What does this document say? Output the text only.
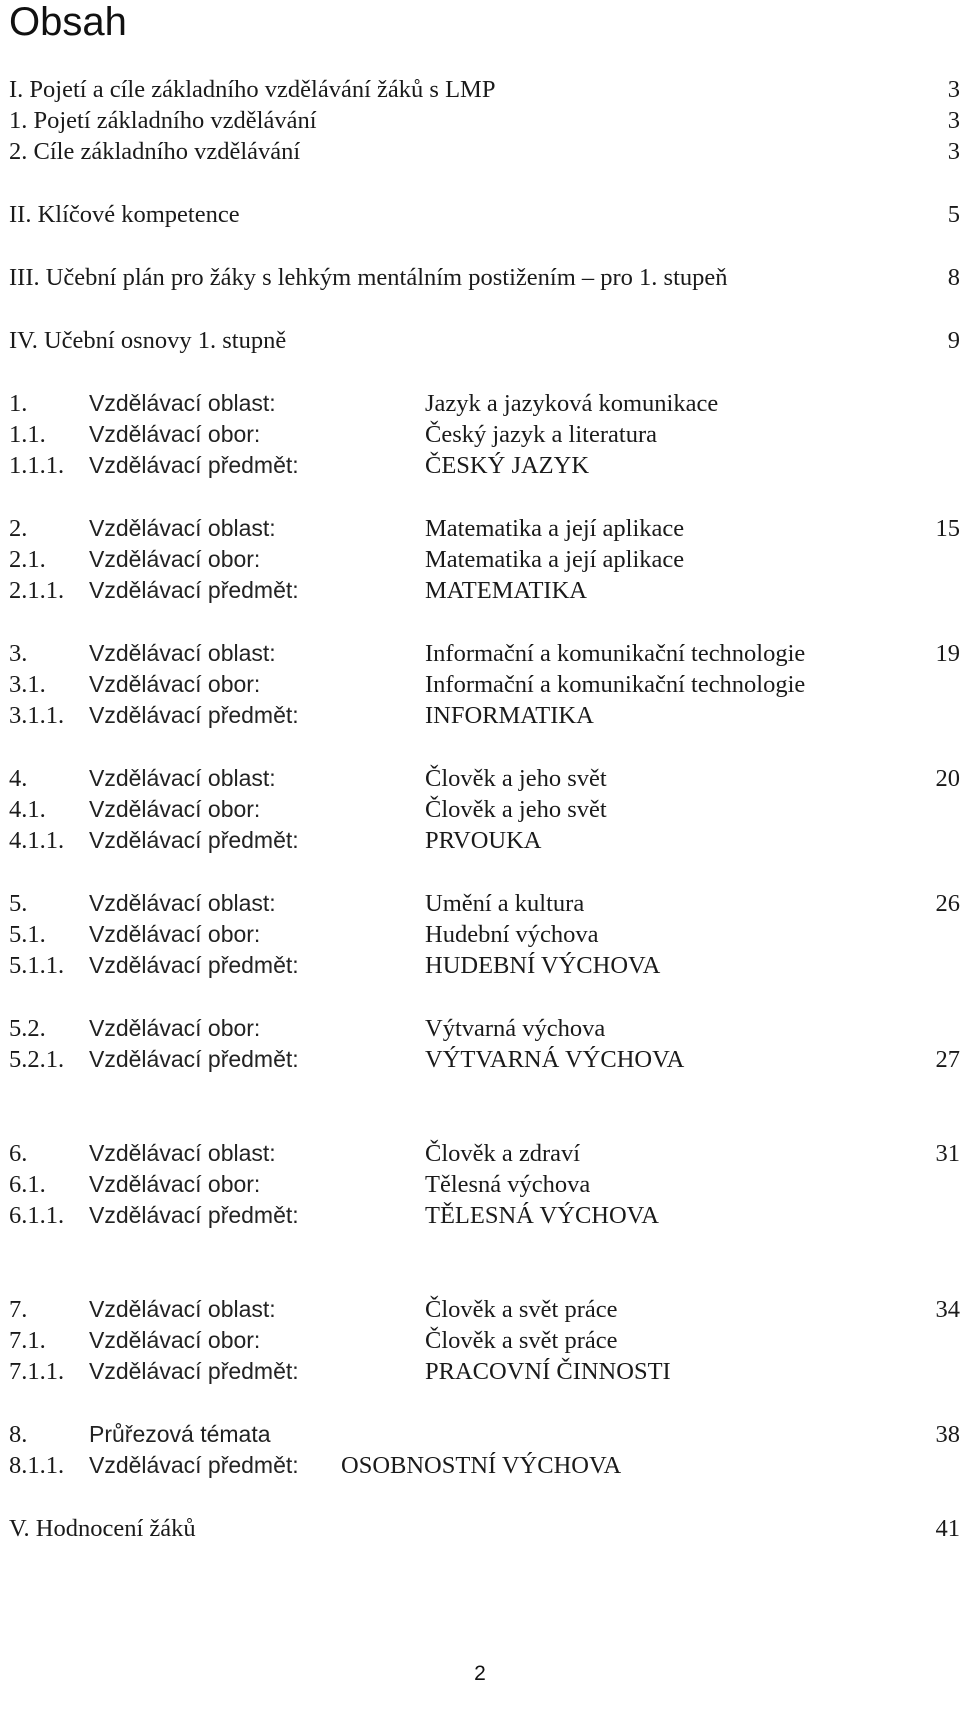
Obsah
I. Pojetí a cíle základního vzdělávání žáků s LMP	3
1. Pojetí základního vzdělávání	3
2. Cíle základního vzdělávání	3
II. Klíčové kompetence	5
III. Učební plán pro žáky s lehkým mentálním postižením – pro 1. stupeň	8
IV. Učební osnovy 1. stupně	9
1.	Vzdělávací oblast:	Jazyk a jazyková komunikace
1.1. Vzdělávací obor:	Český jazyk a literatura
1.1.1. Vzdělávací předmět:	ČESKÝ JAZYK
2.	Vzdělávací oblast:	Matematika a její aplikace	15
2.1. Vzdělávací obor:	Matematika a její aplikace
2.1.1. Vzdělávací předmět:	MATEMATIKA
3.	Vzdělávací oblast:	Informační a komunikační technologie	19
3.1. Vzdělávací obor:	Informační a komunikační technologie
3.1.1. Vzdělávací předmět:	INFORMATIKA
4.	Vzdělávací oblast:	Člověk a jeho svět	20
4.1. Vzdělávací obor:	Člověk a jeho svět
4.1.1. Vzdělávací předmět:	PRVOUKA
5.	Vzdělávací oblast:	Umění a kultura	26
5.1. Vzdělávací obor:	Hudební výchova
5.1.1. Vzdělávací předmět:	HUDEBNÍ VÝCHOVA
5.2. Vzdělávací obor:	Výtvarná výchova
5.2.1. Vzdělávací předmět:	VÝTVARNÁ VÝCHOVA	27
6.	Vzdělávací oblast:	Člověk a zdraví	31
6.1. Vzdělávací obor:	Tělesná výchova
6.1.1. Vzdělávací předmět:	TĚLESNÁ VÝCHOVA
7.	Vzdělávací oblast:	Člověk a svět práce	34
7.1. Vzdělávací obor:	Člověk a svět práce
7.1.1. Vzdělávací předmět:	PRACOVNÍ ČINNOSTI
8.	Průřezová témata	38
8.1.1. Vzdělávací předmět: OSOBNOSTNÍ VÝCHOVA
V. Hodnocení žáků	41
2
